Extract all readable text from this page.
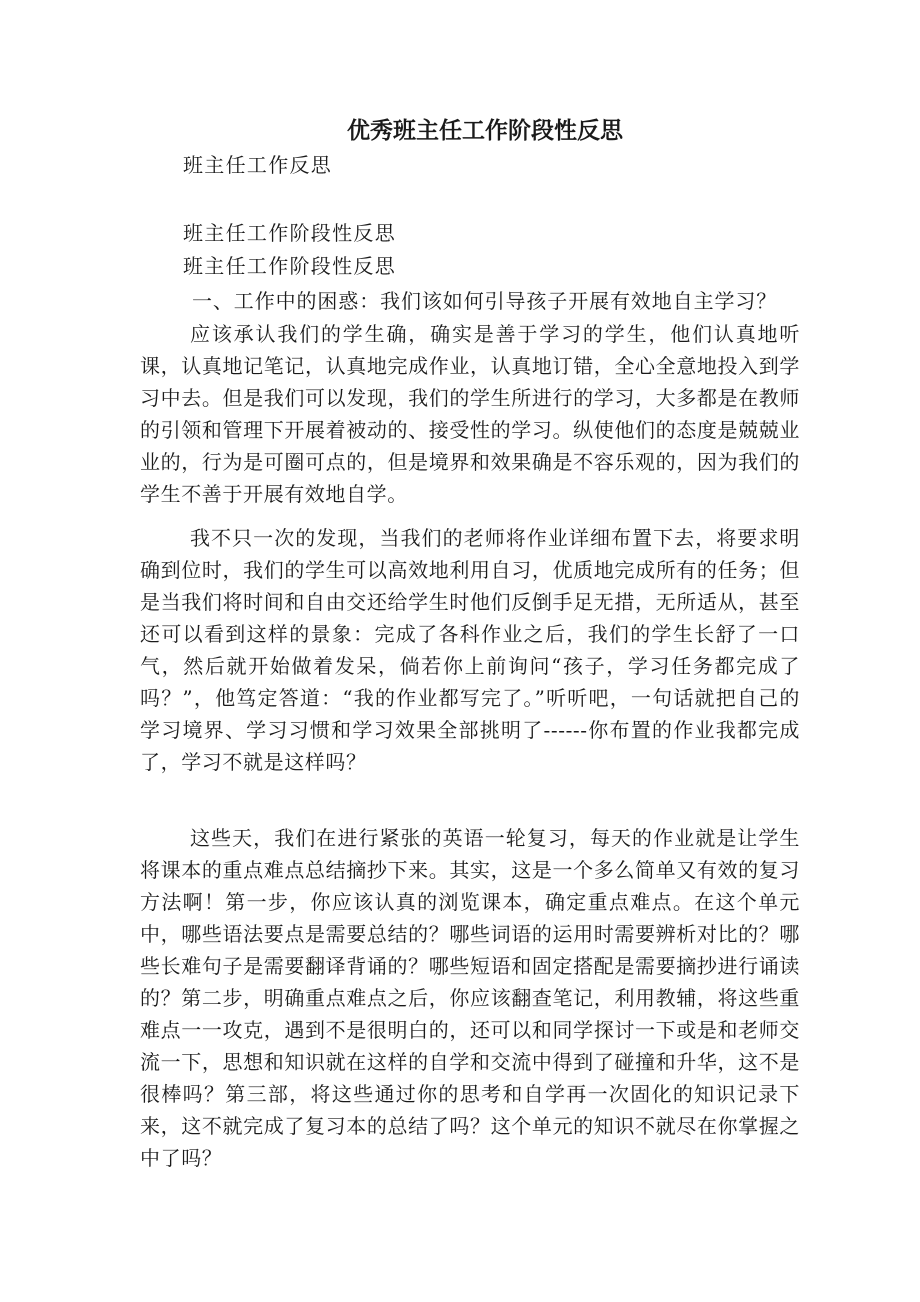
优秀班主任工作阶段性反思
班主任工作反思
班主任工作阶段性反思
班主任工作阶段性反思
一、工作中的困惑：我们该如何引导孩子开展有效地自主学习？

应该承认我们的学生确，确实是善于学习的学生，他们认真地听课，认真地记笔记，认真地完成作业，认真地订错，全心全意地投入到学习中去。但是我们可以发现，我们的学生所进行的学习，大多都是在教师的引领和管理下开展着被动的、接受性的学习。纵使他们的态度是兢兢业业的，行为是可圈可点的，但是境界和效果确是不容乐观的，因为我们的学生不善于开展有效地自学。

我不只一次的发现，当我们的老师将作业详细布置下去，将要求明确到位时，我们的学生可以高效地利用自习，优质地完成所有的任务；但是当我们将时间和自由交还给学生时他们反倒手足无措，无所适从，甚至还可以看到这样的景象：完成了各科作业之后，我们的学生长舒了一口气，然后就开始做着发呆，倘若你上前询问“孩子，学习任务都完成了吗？”，他笃定答道：“我的作业都写完了。”听听吧，一句话就把自己的学习境界、学习习惯和学习效果全部挑明了------你布置的作业我都完成了，学习不就是这样吗？

这些天，我们在进行紧张的英语一轮复习，每天的作业就是让学生将课本的重点难点总结摘抄下来。其实，这是一个多么简单又有效的复习方法啊！第一步，你应该认真的浏览课本，确定重点难点。在这个单元中，哪些语法要点是需要总结的？哪些词语的运用时需要辨析对比的？哪些长难句子是需要翻译背诵的？哪些短语和固定搭配是需要摘抄进行诵读的？第二步，明确重点难点之后，你应该翻查笔记，利用教辅，将这些重难点一一攻克，遇到不是很明白的，还可以和同学探讨一下或是和老师交流一下，思想和知识就在这样的自学和交流中得到了碰撞和升华，这不是很棒吗？第三部，将这些通过你的思考和自学再一次固化的知识记录下来，这不就完成了复习本的总结了吗？这个单元的知识不就尽在你掌握之中了吗？
